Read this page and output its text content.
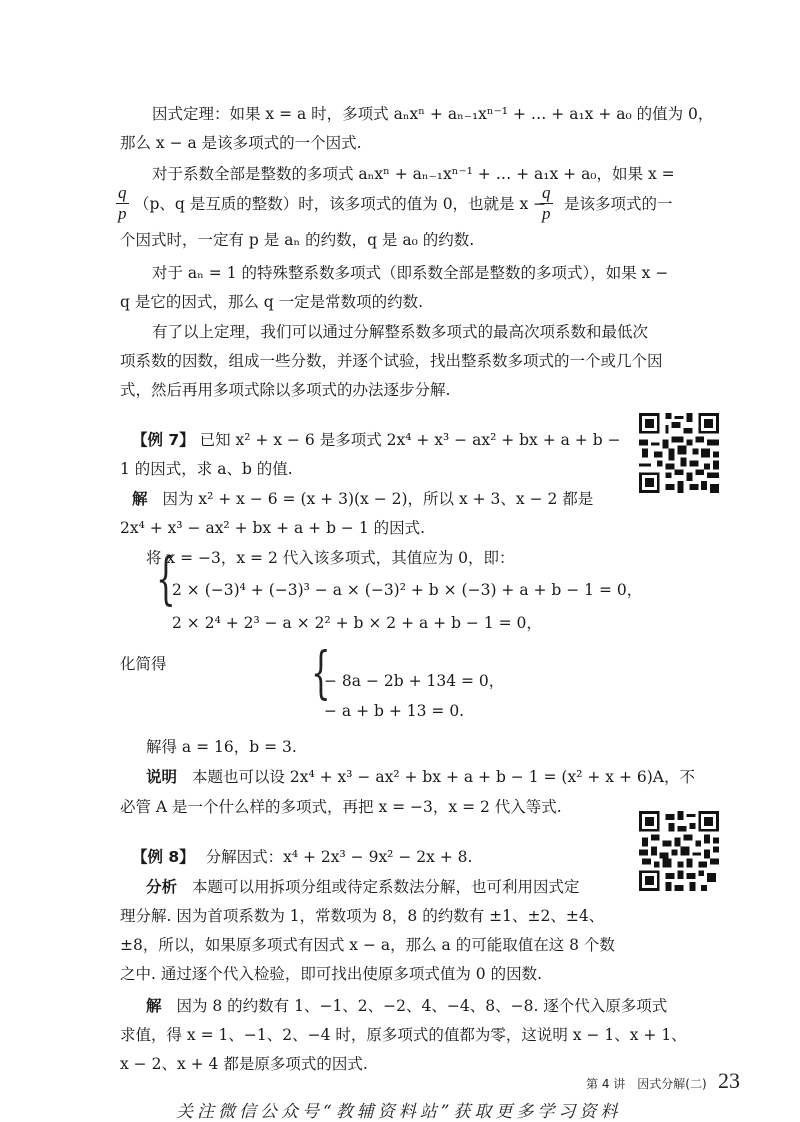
因式定理：如果 x = a 时，多项式 aₙxⁿ + aₙ₋₁xⁿ⁻¹ + … + a₁x + a₀ 的值为 0，
那么 x − a 是该多项式的一个因式.
对于系数全部是整数的多项式 aₙxⁿ + aₙ₋₁xⁿ⁻¹ + … + a₁x + a₀，如果 x =
$\frac{q}{p} (p$、q 是互质的整数）时，该多项式的值为 0，也就是 x −
$\frac{q}{p}$ 是该多项式的一
个因式时，一定有 p 是 aₙ 的约数，q 是 a₀ 的约数.
对于 aₙ = 1 的特殊整系数多项式（即系数全部是整数的多项式），如果 x −
q 是它的因式，那么 q 一定是常数项的约数.
有了以上定理，我们可以通过分解整系数多项式的最高次项系数和最低次
项系数的因数，组成一些分数，并逐个试验，找出整系数多项式的一个或几个因
式，然后再用多项式除以多项式的办法逐步分解.
【例 7】 已知 x² + x − 6 是多项式 2x⁴ + x³ − ax² + bx + a + b −
1 的因式，求 a、b 的值.
解 因为 x² + x − 6 = (x + 3)(x − 2)，所以 x + 3、x − 2 都是
2x⁴ + x³ − ax² + bx + a + b − 1 的因式.
将 x = −3，x = 2 代入该多项式，其值应为 0，即：
{
2 × (−3)⁴ + (−3)³ − a × (−3)² + b × (−3) + a + b − 1 = 0，
2 × 2⁴ + 2³ − a × 2² + b × 2 + a + b − 1 = 0，
化简得	{
− 8a − 2b + 134 = 0，
− a + b + 13 = 0.
解得 a = 16，b = 3.
说明 本题也可以设 2x⁴ + x³ − ax² + bx + a + b − 1 = (x² + x + 6)A，不
必管 A 是一个什么样的多项式，再把 x = −3，x = 2 代入等式.
【例 8】 分解因式：x⁴ + 2x³ − 9x² − 2x + 8.
分析 本题可以用拆项分组或待定系数法分解，也可利用因式定
理分解. 因为首项系数为 1，常数项为 8，8 的约数有 ±1、±2、±4、
±8，所以，如果原多项式有因式 x − a，那么 a 的可能取值在这 8 个数
之中. 通过逐个代入检验，即可找出使原多项式值为 0 的因数.
解 因为 8 的约数有 1、−1、2、−2、4、−4、8、−8. 逐个代入原多项式
求值，得 x = 1、−1、2、−4 时，原多项式的值都为零，这说明 x − 1、x + 1、
x − 2、x + 4 都是原多项式的因式.
第 4 讲　因式分解(二) 23
关注微信公众号“教辅资料站”获取更多学习资料
